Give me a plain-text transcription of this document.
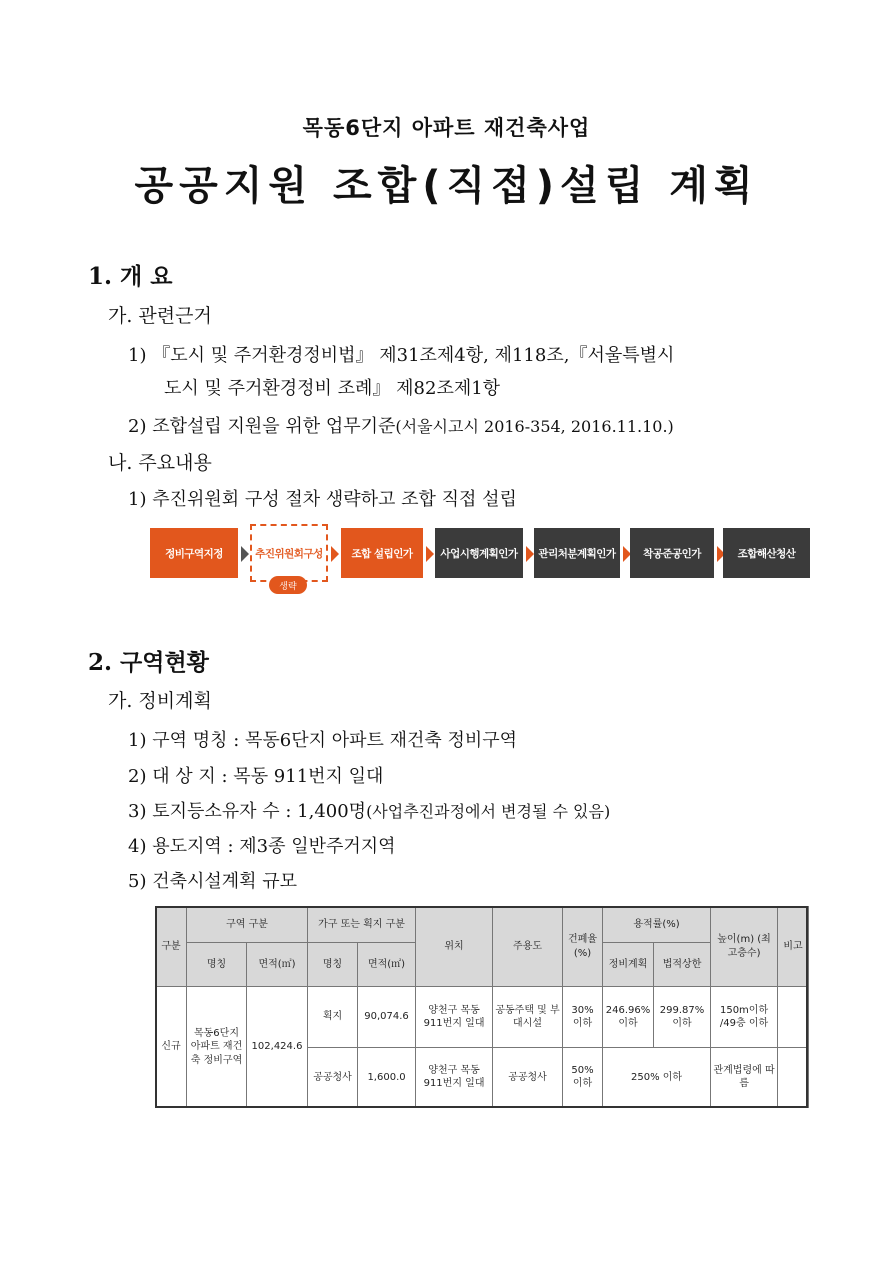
목동6단지 아파트 재건축사업
공공지원 조합(직접)설립 계획
1. 개 요
가. 관련근거
1) 『도시 및 주거환경정비법』 제31조제4항, 제118조,『서울특별시
도시 및 주거환경정비 조례』 제82조제1항
2) 조합설립 지원을 위한 업무기준(서울시고시 2016-354, 2016.11.10.)
나. 주요내용
1) 추진위원회 구성 절차 생략하고 조합 직접 설립
정비구역지정	추진위원회구성
생략
조합 설립인가	사업시행계획인가	관리처분계획인가	착공준공인가	조합해산청산
2. 구역현황
가. 정비계획
1) 구역 명칭 : 목동6단지 아파트 재건축 정비구역
2) 대 상 지 : 목동 911번지 일대
3) 토지등소유자 수 : 1,400명(사업추진과정에서 변경될 수 있음)
4) 용도지역 : 제3종 일반주거지역
5) 건축시설계획 규모
구분	구역 구분		가구 또는 획지 구분		위치	주용도	건폐율 (%)	용적률(%)		높이(m) (최고층수)	비고
	명칭	면적(㎡)	명칭	면적(㎡)				정비계획	법적상한		
신규	목동6단지 아파트 재건축 정비구역	102,424.6	획지	90,074.6	양천구 목동 911번지 일대	공동주택 및 부대시설	30% 이하	246.96% 이하	299.87% 이하	150m이하 /49층 이하	
			공공청사	1,600.0	양천구 목동 911번지 일대	공공청사	50% 이하	250% 이하		관계법령에 따름	
